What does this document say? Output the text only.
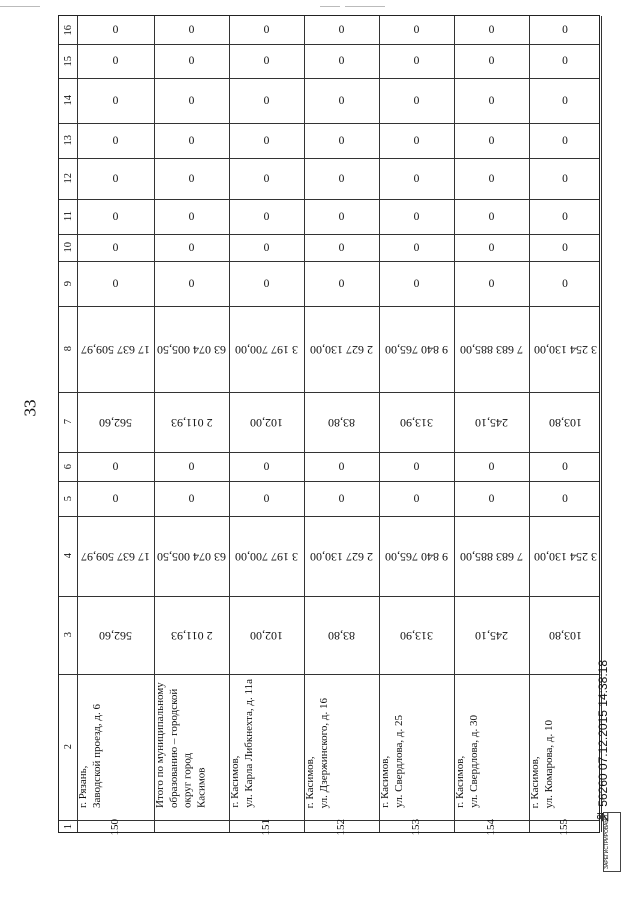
33
16
15
14
13
12
11
10
9
8
7
6
5
4
3
2
1
0
0
0
0
0
0
0
0
17 637 509,97
562,60
0
0
17 637 509,97
562,60
г. Рязань, Заводской проезд, д. 6
150
0
0
0
0
0
0
0
0
63 074 005,50
2 011,93
0
0
63 074 005,50
2 011,93
Итого по муниципальному образованию – городской округ город Касимов
0
0
0
0
0
0
0
0
3 197 700,00
102,00
0
0
3 197 700,00
102,00
г. Касимов, ул. Карла Либкнехта, д. 11а
151
0
0
0
0
0
0
0
0
2 627 130,00
83,80
0
0
2 627 130,00
83,80
г. Касимов, ул. Дзержинского, д. 16
152
0
0
0
0
0
0
0
0
9 840 765,00
313,90
0
0
9 840 765,00
313,90
г. Касимов, ул. Свердлова, д. 25
153
0
0
0
0
0
0
0
0
7 683 885,00
245,10
0
0
7 683 885,00
245,10
г. Касимов, ул. Свердлова, д. 30
154
0
0
0
0
0
0
0
0
3 254 130,00
103,80
0
0
3 254 130,00
103,80
г. Касимов, ул. Комарова, д. 10
155
№ 56260 07.12.2015 14:38:18
ЗАРЕГИСТРИРОВАНО
